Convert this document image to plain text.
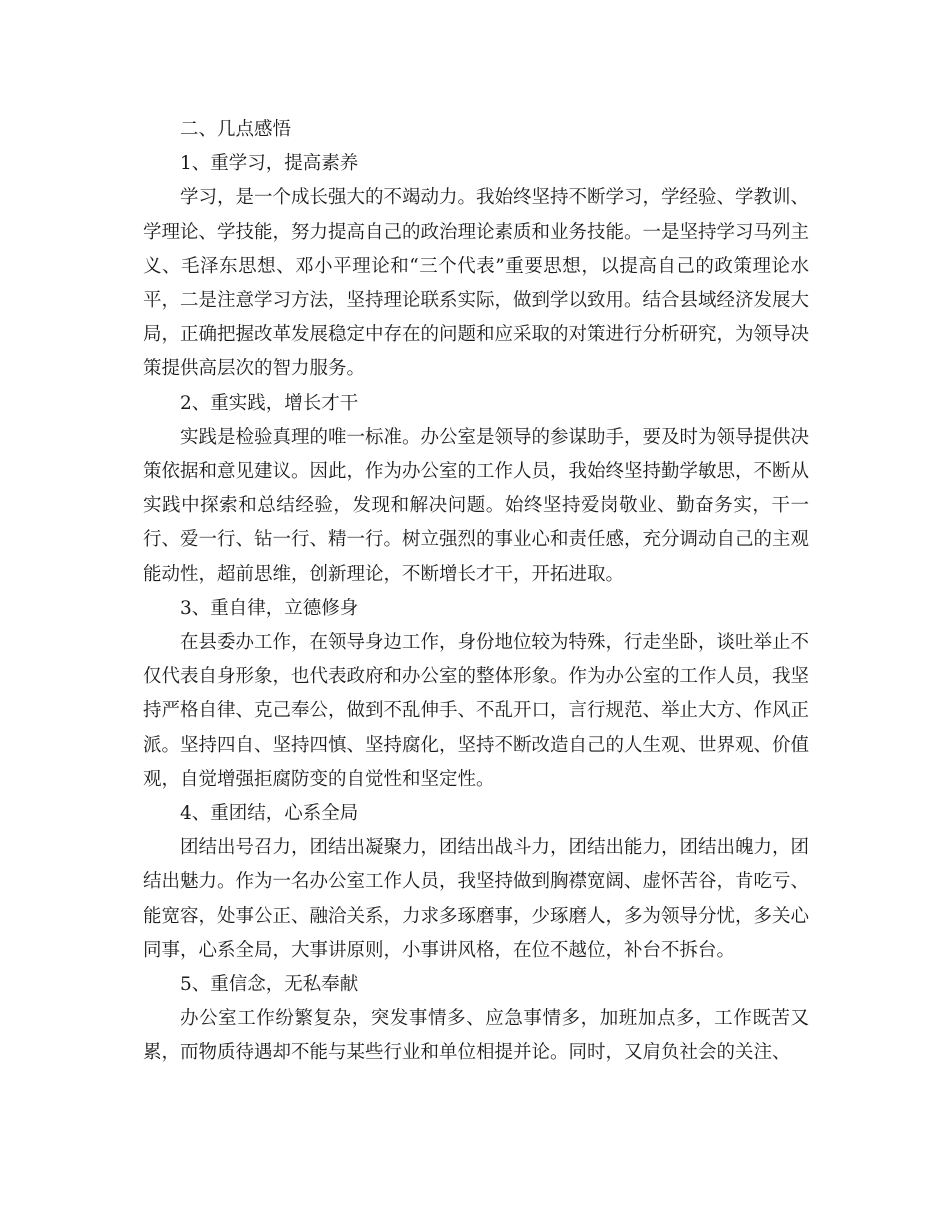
二、几点感悟

1、重学习，提高素养

学习，是一个成长强大的不竭动力。我始终坚持不断学习，学经验、学教训、学理论、学技能，努力提高自己的政治理论素质和业务技能。一是坚持学习马列主义、毛泽东思想、邓小平理论和“三个代表”重要思想，以提高自己的政策理论水平，二是注意学习方法，坚持理论联系实际，做到学以致用。结合县域经济发展大局，正确把握改革发展稳定中存在的问题和应采取的对策进行分析研究，为领导决策提供高层次的智力服务。

2、重实践，增长才干

实践是检验真理的唯一标准。办公室是领导的参谋助手，要及时为领导提供决策依据和意见建议。因此，作为办公室的工作人员，我始终坚持勤学敏思，不断从实践中探索和总结经验，发现和解决问题。始终坚持爱岗敬业、勤奋务实，干一行、爱一行、钻一行、精一行。树立强烈的事业心和责任感，充分调动自己的主观能动性，超前思维，创新理论，不断增长才干，开拓进取。

3、重自律，立德修身

在县委办工作，在领导身边工作，身份地位较为特殊，行走坐卧，谈吐举止不仅代表自身形象，也代表政府和办公室的整体形象。作为办公室的工作人员，我坚持严格自律、克己奉公，做到不乱伸手、不乱开口，言行规范、举止大方、作风正派。坚持四自、坚持四慎、坚持腐化，坚持不断改造自己的人生观、世界观、价值观，自觉增强拒腐防变的自觉性和坚定性。

4、重团结，心系全局

团结出号召力，团结出凝聚力，团结出战斗力，团结出能力，团结出魄力，团结出魅力。作为一名办公室工作人员，我坚持做到胸襟宽阔、虚怀苦谷，肯吃亏、能宽容，处事公正、融洽关系，力求多琢磨事，少琢磨人，多为领导分忧，多关心同事，心系全局，大事讲原则，小事讲风格，在位不越位，补台不拆台。

5、重信念，无私奉献

办公室工作纷繁复杂，突发事情多、应急事情多，加班加点多，工作既苦又累，而物质待遇却不能与某些行业和单位相提并论。同时，又肩负社会的关注、
